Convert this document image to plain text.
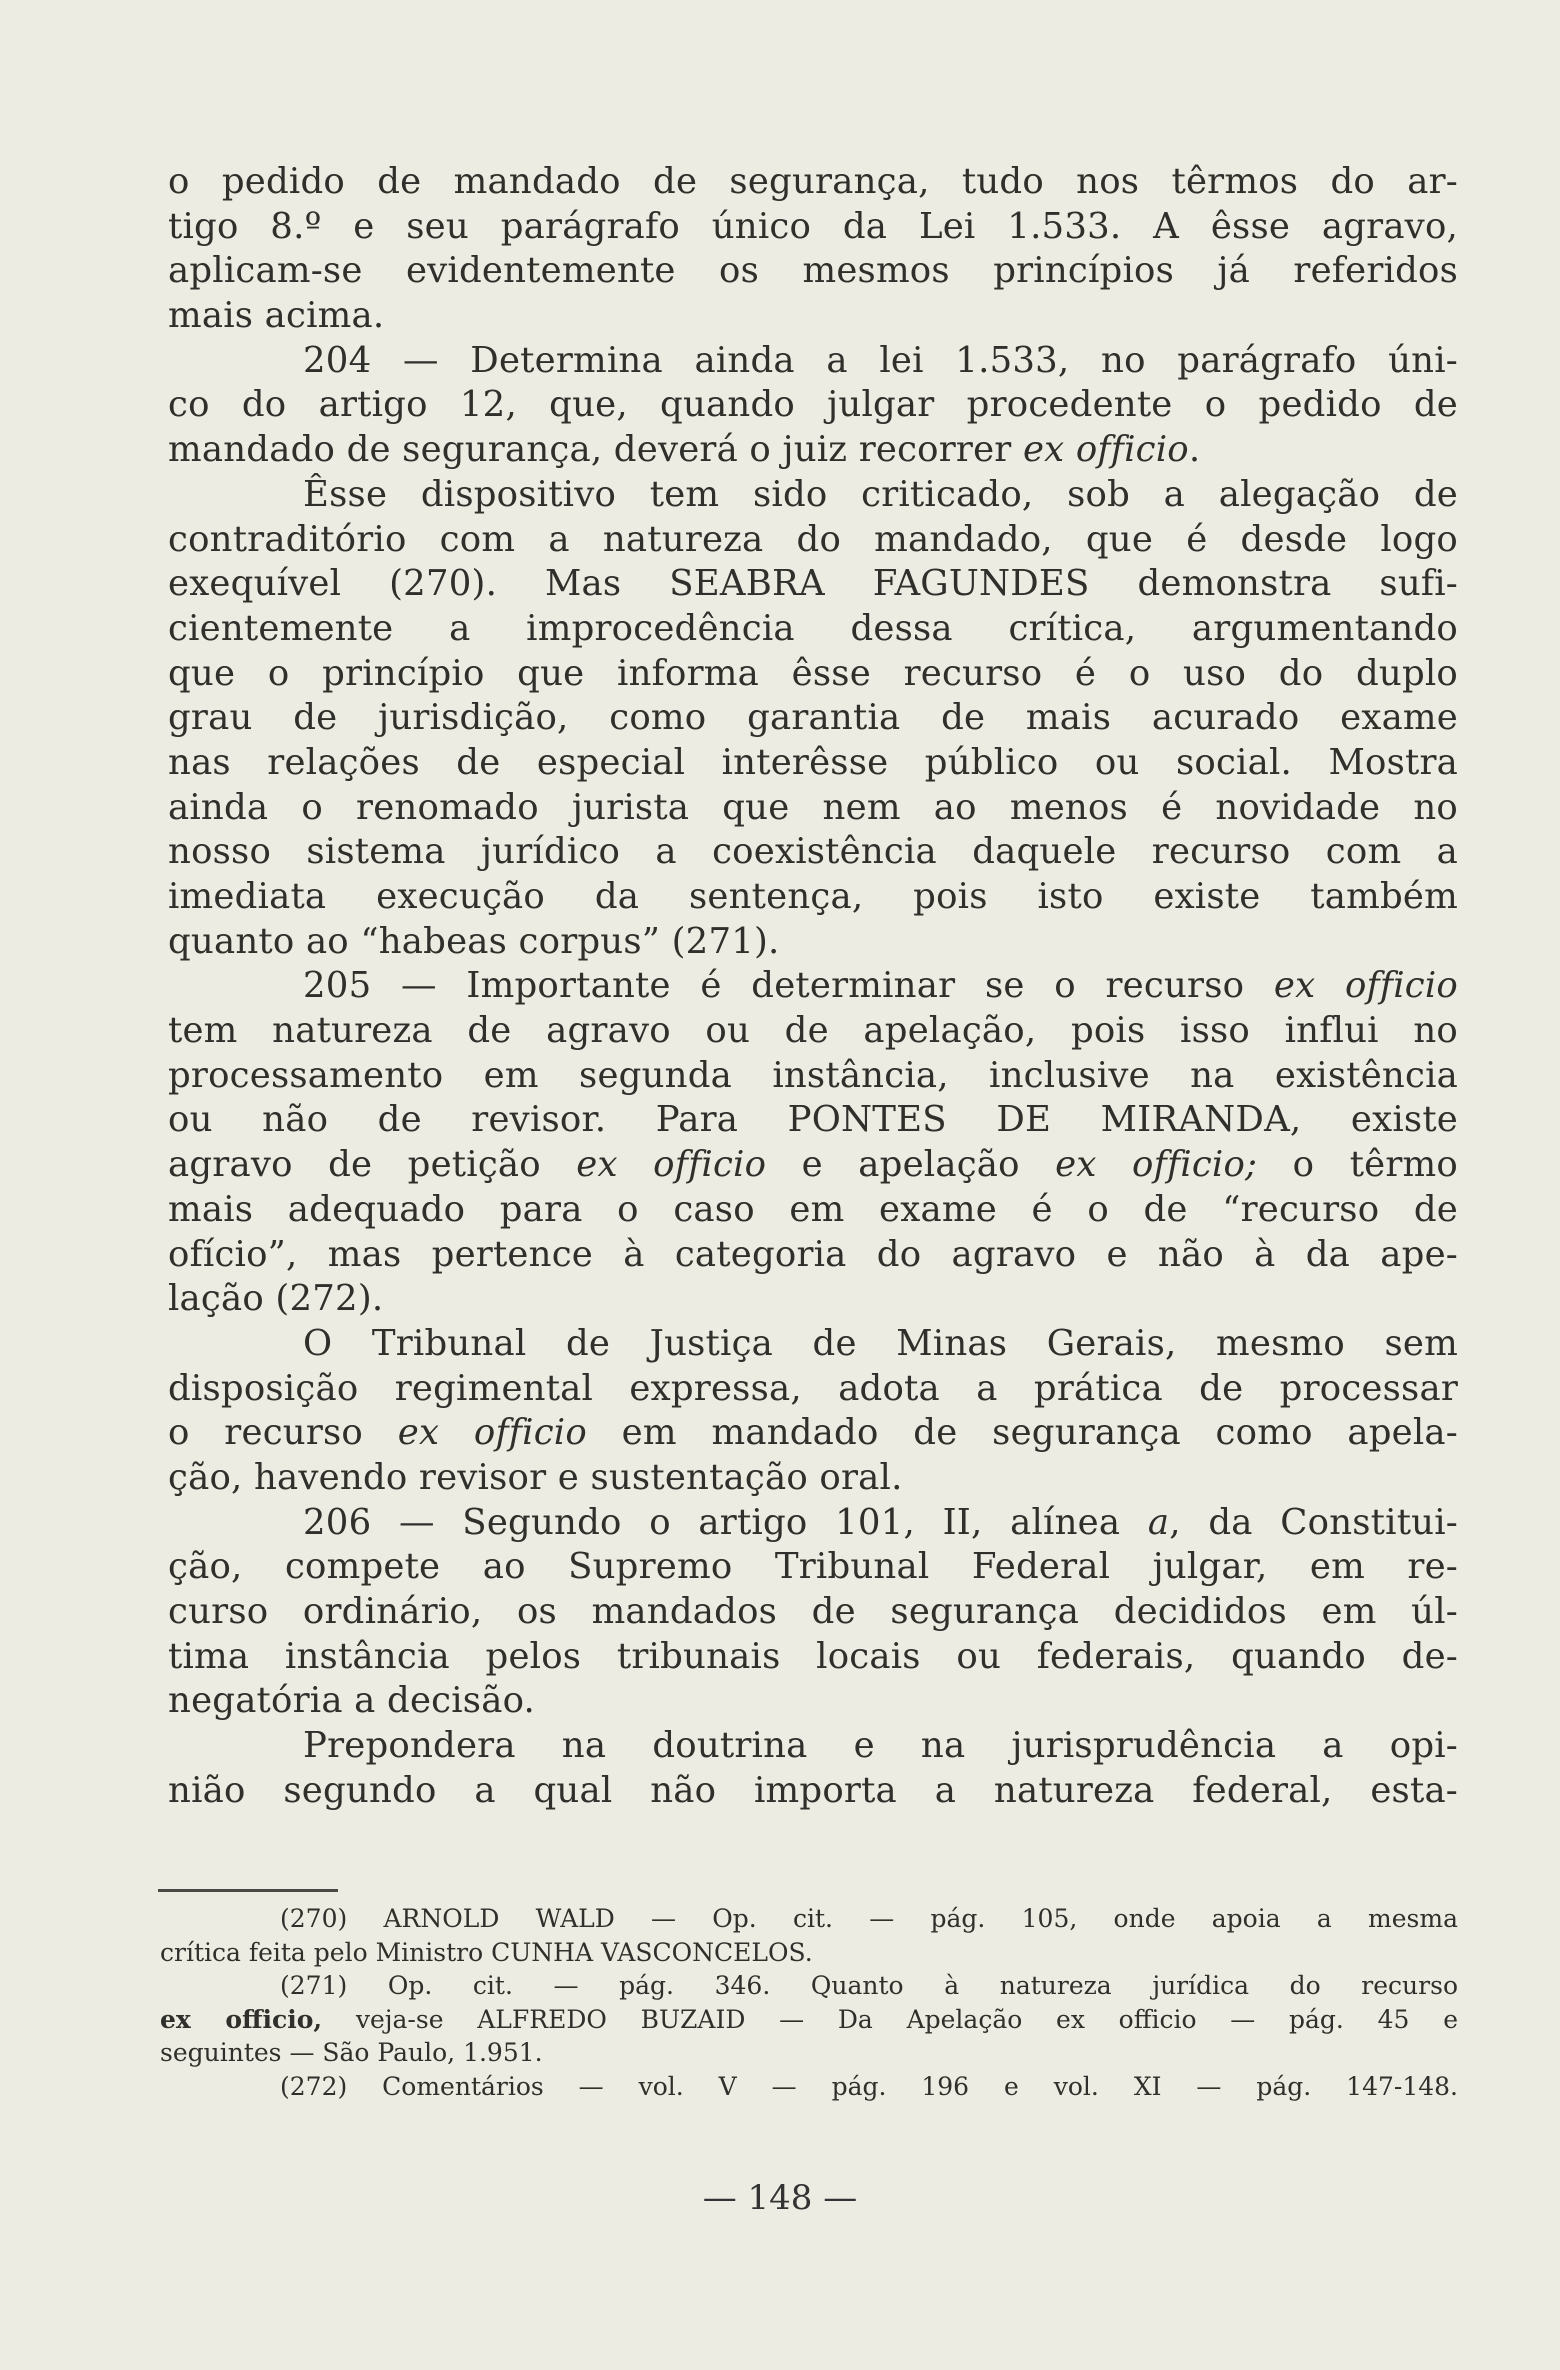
o pedido de mandado de segurança, tudo nos têrmos do ar-
tigo 8.º e seu parágrafo único da Lei 1.533. A êsse agravo,
aplicam-se evidentemente os mesmos princípios já referidos
mais acima.
204 — Determina ainda a lei 1.533, no parágrafo úni-
co do artigo 12, que, quando julgar procedente o pedido de
mandado de segurança, deverá o juiz recorrer ex officio.
Êsse dispositivo tem sido criticado, sob a alegação de
contraditório com a natureza do mandado, que é desde logo
exequível (270). Mas SEABRA FAGUNDES demonstra sufi-
cientemente a improcedência dessa crítica, argumentando
que o princípio que informa êsse recurso é o uso do duplo
grau de jurisdição, como garantia de mais acurado exame
nas relações de especial interêsse público ou social. Mostra
ainda o renomado jurista que nem ao menos é novidade no
nosso sistema jurídico a coexistência daquele recurso com a
imediata execução da sentença, pois isto existe também
quanto ao “habeas corpus” (271).
205 — Importante é determinar se o recurso ex officio
tem natureza de agravo ou de apelação, pois isso influi no
processamento em segunda instância, inclusive na existência
ou não de revisor. Para PONTES DE MIRANDA, existe
agravo de petição ex officio e apelação ex officio; o têrmo
mais adequado para o caso em exame é o de “recurso de
ofício”, mas pertence à categoria do agravo e não à da ape-
lação (272).
O Tribunal de Justiça de Minas Gerais, mesmo sem
disposição regimental expressa, adota a prática de processar
o recurso ex officio em mandado de segurança como apela-
ção, havendo revisor e sustentação oral.
206 — Segundo o artigo 101, II, alínea a, da Constitui-
ção, compete ao Supremo Tribunal Federal julgar, em re-
curso ordinário, os mandados de segurança decididos em úl-
tima instância pelos tribunais locais ou federais, quando de-
negatória a decisão.
Prepondera na doutrina e na jurisprudência a opi-
nião segundo a qual não importa a natureza federal, esta-
(270) ARNOLD WALD — Op. cit. — pág. 105, onde apoia a mesma
crítica feita pelo Ministro CUNHA VASCONCELOS.
(271) Op. cit. — pág. 346. Quanto à natureza jurídica do recurso
ex officio, veja-se ALFREDO BUZAID — Da Apelação ex officio — pág. 45 e
seguintes — São Paulo, 1.951.
(272) Comentários — vol. V — pág. 196 e vol. XI — pág. 147-148.
— 148 —
